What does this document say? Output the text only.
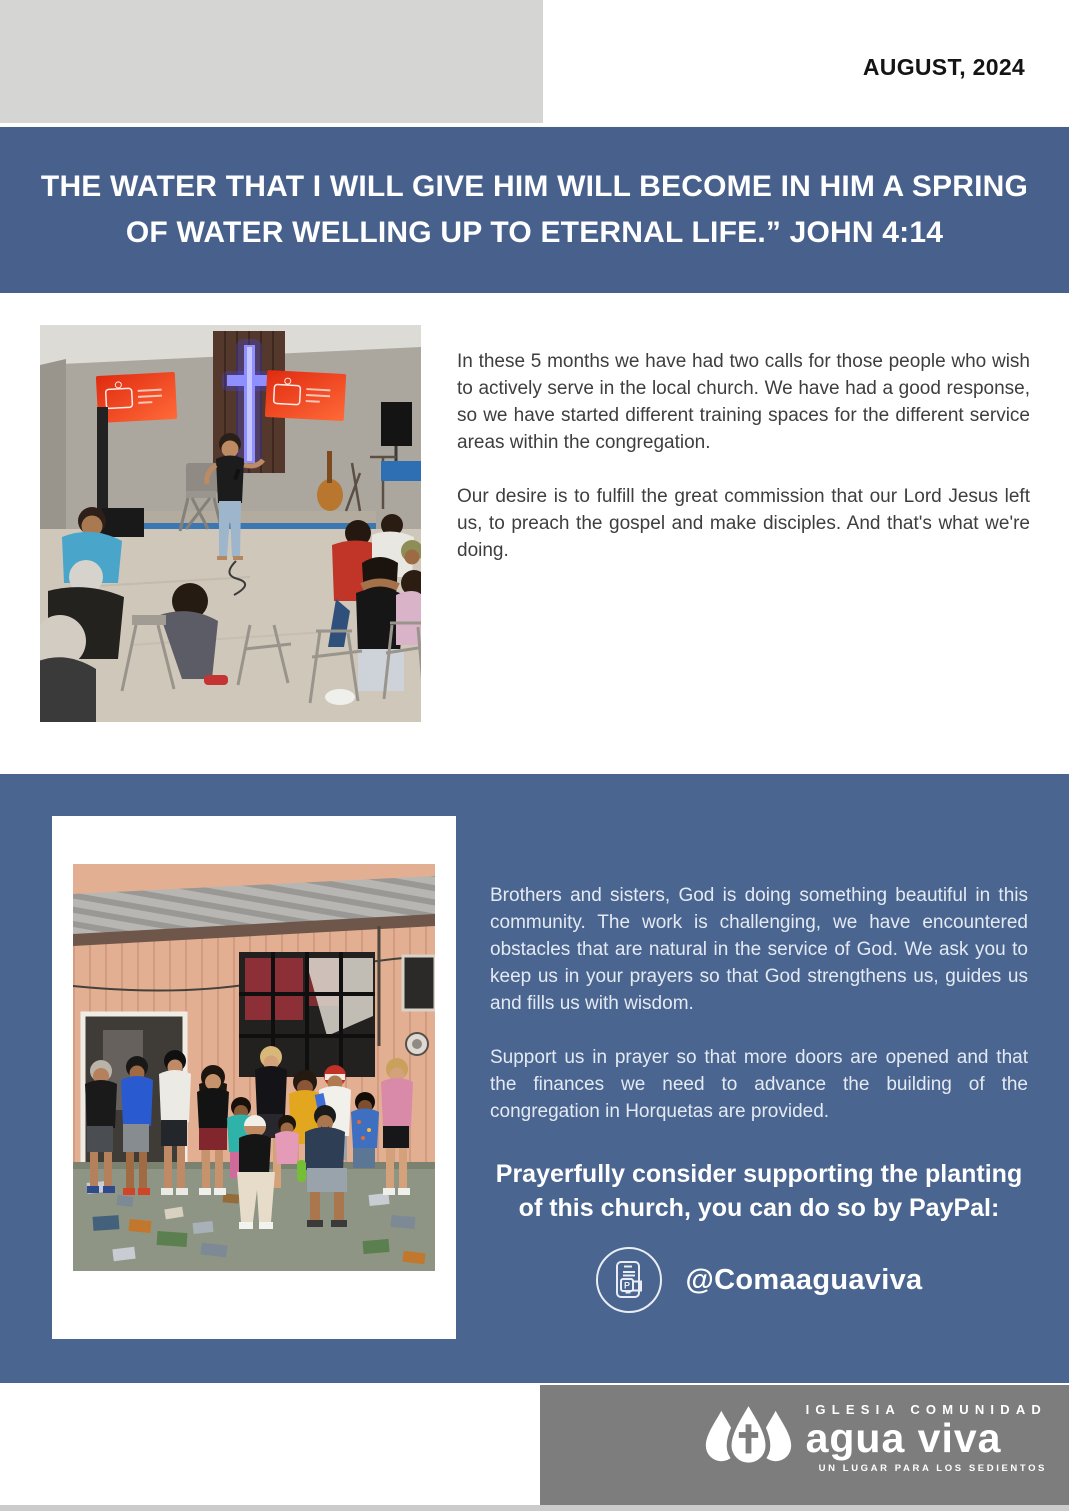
AUGUST, 2024

THE WATER THAT I WILL GIVE HIM WILL BECOME IN HIM A SPRING OF WATER WELLING UP TO ETERNAL LIFE.” JOHN 4:14

In these 5 months we have had two calls for those people who wish to actively serve in the local church. We have had a good response, so we have started different training spaces for the different service areas within the congregation.

Our desire is to fulfill the great commission that our Lord Jesus left us, to preach the gospel and make disciples. And that's what we're doing.

Brothers and sisters, God is doing something beautiful in this community. The work is challenging, we have encountered obstacles that are natural in the service of God. We ask you to keep us in your prayers so that God strengthens us, guides us and fills us with wisdom.

Support us in prayer so that more doors are opened and that the finances we need to advance the building of the congregation in Horquetas are provided.

Prayerfully consider supporting the planting of this church, you can do so by PayPal:

P @Comaaguaviva
IGLESIA COMUNIDAD
agua viva
UN LUGAR PARA LOS SEDIENTOS
